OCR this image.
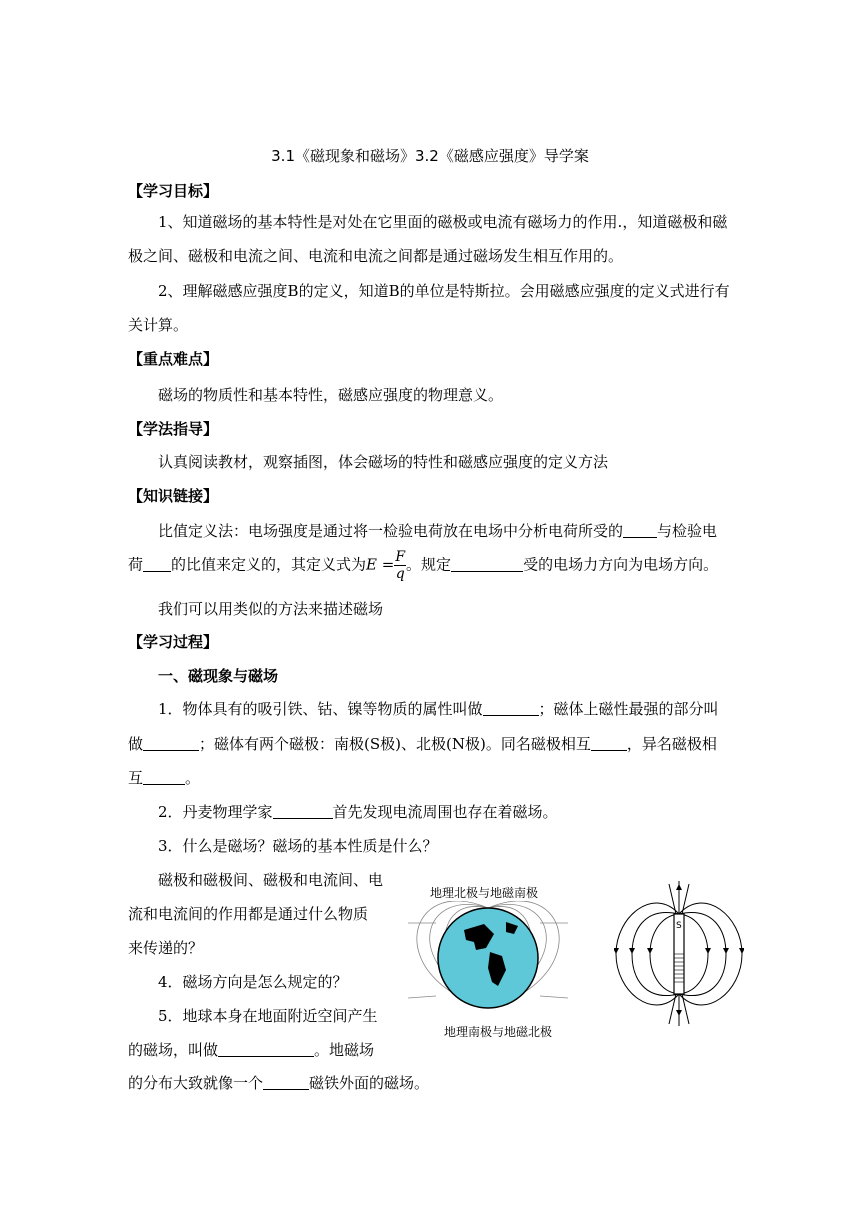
3.1《磁现象和磁场》3.2《磁感应强度》导学案
【学习目标】
1、知道磁场的基本特性是对处在它里面的磁极或电流有磁场力的作用.，知道磁极和磁极之间、磁极和电流之间、电流和电流之间都是通过磁场发生相互作用的。
2、理解磁感应强度B的定义，知道B的单位是特斯拉。会用磁感应强度的定义式进行有关计算。
【重点难点】
磁场的物质性和基本特性，磁感应强度的物理意义。
【学法指导】
认真阅读教材，观察插图，体会磁场的特性和磁感应强度的定义方法
【知识链接】
比值定义法：电场强度是通过将一检验电荷放在电场中分析电荷所受的 与检验电
荷 的比值来定义的，其定义式为$E = \frac{F}{q}$ 。规定	受的电场力方向为电场方向。
我们可以用类似的方法来描述磁场
【学习过程】
一、磁现象与磁场
1．物体具有的吸引铁、钴、镍等物质的属性叫做	；磁体上磁性最强的部分叫
做	；磁体有两个磁极：南极(S极)、北极(N极)。同名磁极相互 ，异名磁极相
互	。
2．丹麦物理学家	首先发现电流周围也存在着磁场。
3．什么是磁场？磁场的基本性质是什么？
磁极和磁极间、磁极和电流间、电
流和电流间的作用都是通过什么物质
来传递的？
4．磁场方向是怎么规定的？
5．地球本身在地面附近空间产生
的磁场，叫做	。地磁场
的分布大致就像一个	磁铁外面的磁场。
地理北极与地磁南极
地理南极与地磁北极
S
